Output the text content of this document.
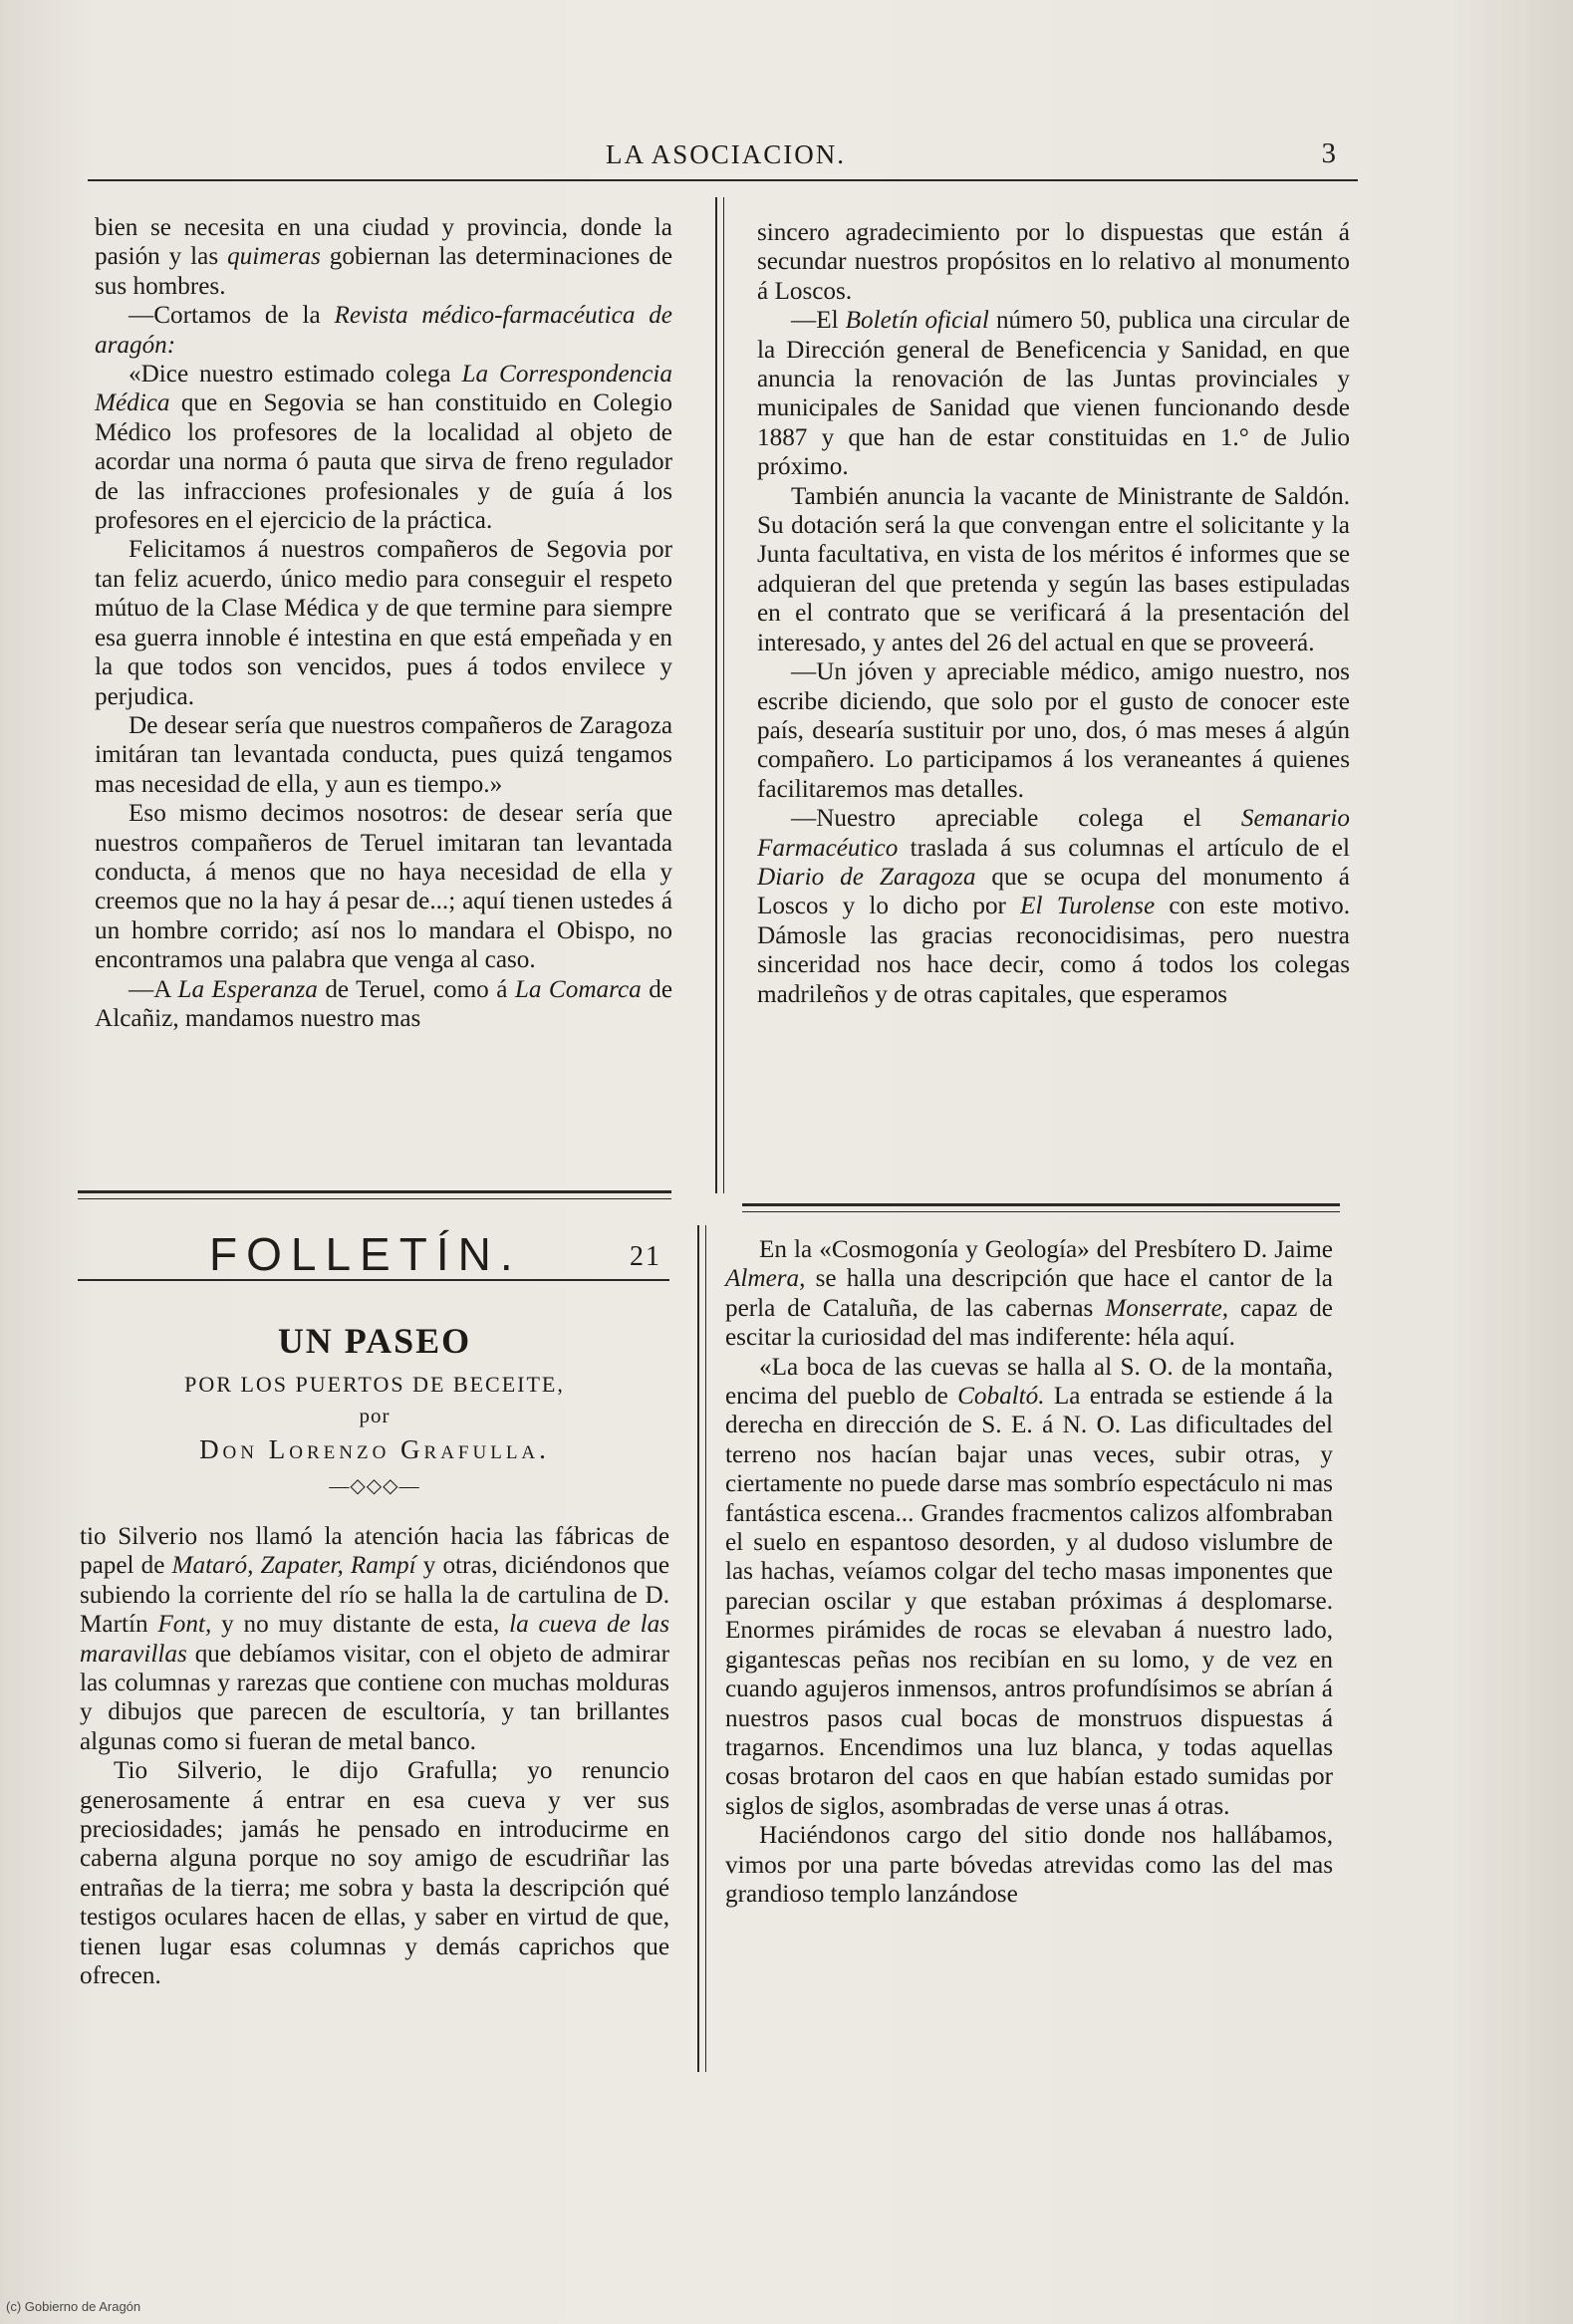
LA ASOCIACION.	3

bien se necesita en una ciudad y provincia, donde la pasión y las quimeras gobiernan las determinaciones de sus hombres.

—Cortamos de la Revista médico-farmacéutica de aragón:

«Dice nuestro estimado colega La Correspondencia Médica que en Segovia se han constituido en Colegio Médico los profesores de la localidad al objeto de acordar una norma ó pauta que sirva de freno regulador de las infracciones profesionales y de guía á los profesores en el ejercicio de la práctica.

Felicitamos á nuestros compañeros de Segovia por tan feliz acuerdo, único medio para conseguir el respeto mútuo de la Clase Médica y de que termine para siempre esa guerra innoble é intestina en que está empeñada y en la que todos son vencidos, pues á todos envilece y perjudica.

De desear sería que nuestros compañeros de Zaragoza imitáran tan levantada conducta, pues quizá tengamos mas necesidad de ella, y aun es tiempo.»

Eso mismo decimos nosotros: de desear sería que nuestros compañeros de Teruel imitaran tan levantada conducta, á menos que no haya necesidad de ella y creemos que no la hay á pesar de...; aquí tienen ustedes á un hombre corrido; así nos lo mandara el Obispo, no encontramos una palabra que venga al caso.

—A La Esperanza de Teruel, como á La Comarca de Alcañiz, mandamos nuestro mas

sincero agradecimiento por lo dispuestas que están á secundar nuestros propósitos en lo relativo al monumento á Loscos.

—El Boletín oficial número 50, publica una circular de la Dirección general de Beneficencia y Sanidad, en que anuncia la renovación de las Juntas provinciales y municipales de Sanidad que vienen funcionando desde 1887 y que han de estar constituidas en 1.° de Julio próximo.

También anuncia la vacante de Ministrante de Saldón. Su dotación será la que convengan entre el solicitante y la Junta facultativa, en vista de los méritos é informes que se adquieran del que pretenda y según las bases estipuladas en el contrato que se verificará á la presentación del interesado, y antes del 26 del actual en que se proveerá.

—Un jóven y apreciable médico, amigo nuestro, nos escribe diciendo, que solo por el gusto de conocer este país, desearía sustituir por uno, dos, ó mas meses á algún compañero. Lo participamos á los veraneantes á quienes facilitaremos mas detalles.

—Nuestro apreciable colega el Semanario Farmacéutico traslada á sus columnas el artículo de el Diario de Zaragoza que se ocupa del monumento á Loscos y lo dicho por El Turolense con este motivo. Dámosle las gracias reconocidisimas, pero nuestra sinceridad nos hace decir, como á todos los colegas madrileños y de otras capitales, que esperamos

FOLLETÍN.	21
UN PASEO
POR LOS PUERTOS DE BECEITE,
por
Don Lorenzo Grafulla.
—◇◇◇—

tio Silverio nos llamó la atención hacia las fábricas de papel de Mataró, Zapater, Rampí y otras, diciéndonos que subiendo la corriente del río se halla la de cartulina de D. Martín Font, y no muy distante de esta, la cueva de las maravillas que debíamos visitar, con el objeto de admirar las columnas y rarezas que contiene con muchas molduras y dibujos que parecen de escultoría, y tan brillantes algunas como si fueran de metal banco.

Tio Silverio, le dijo Grafulla; yo renuncio generosamente á entrar en esa cueva y ver sus preciosidades; jamás he pensado en introducirme en caberna alguna porque no soy amigo de escudriñar las entrañas de la tierra; me sobra y basta la descripción qué testigos oculares hacen de ellas, y saber en virtud de que, tienen lugar esas columnas y demás caprichos que ofrecen.

En la «Cosmogonía y Geología» del Presbítero D. Jaime Almera, se halla una descripción que hace el cantor de la perla de Cataluña, de las cabernas Monserrate, capaz de escitar la curiosidad del mas indiferente: héla aquí.

«La boca de las cuevas se halla al S. O. de la montaña, encima del pueblo de Cobaltó. La entrada se estiende á la derecha en dirección de S. E. á N. O. Las dificultades del terreno nos hacían bajar unas veces, subir otras, y ciertamente no puede darse mas sombrío espectáculo ni mas fantástica escena... Grandes fracmentos calizos alfombraban el suelo en espantoso desorden, y al dudoso vislumbre de las hachas, veíamos colgar del techo masas imponentes que parecian oscilar y que estaban próximas á desplomarse. Enormes pirámides de rocas se elevaban á nuestro lado, gigantescas peñas nos recibían en su lomo, y de vez en cuando agujeros inmensos, antros profundísimos se abrían á nuestros pasos cual bocas de monstruos dispuestas á tragarnos. Encendimos una luz blanca, y todas aquellas cosas brotaron del caos en que habían estado sumidas por siglos de siglos, asombradas de verse unas á otras.

Haciéndonos cargo del sitio donde nos hallábamos, vimos por una parte bóvedas atrevidas como las del mas grandioso templo lanzándose

(c) Gobierno de Aragón
